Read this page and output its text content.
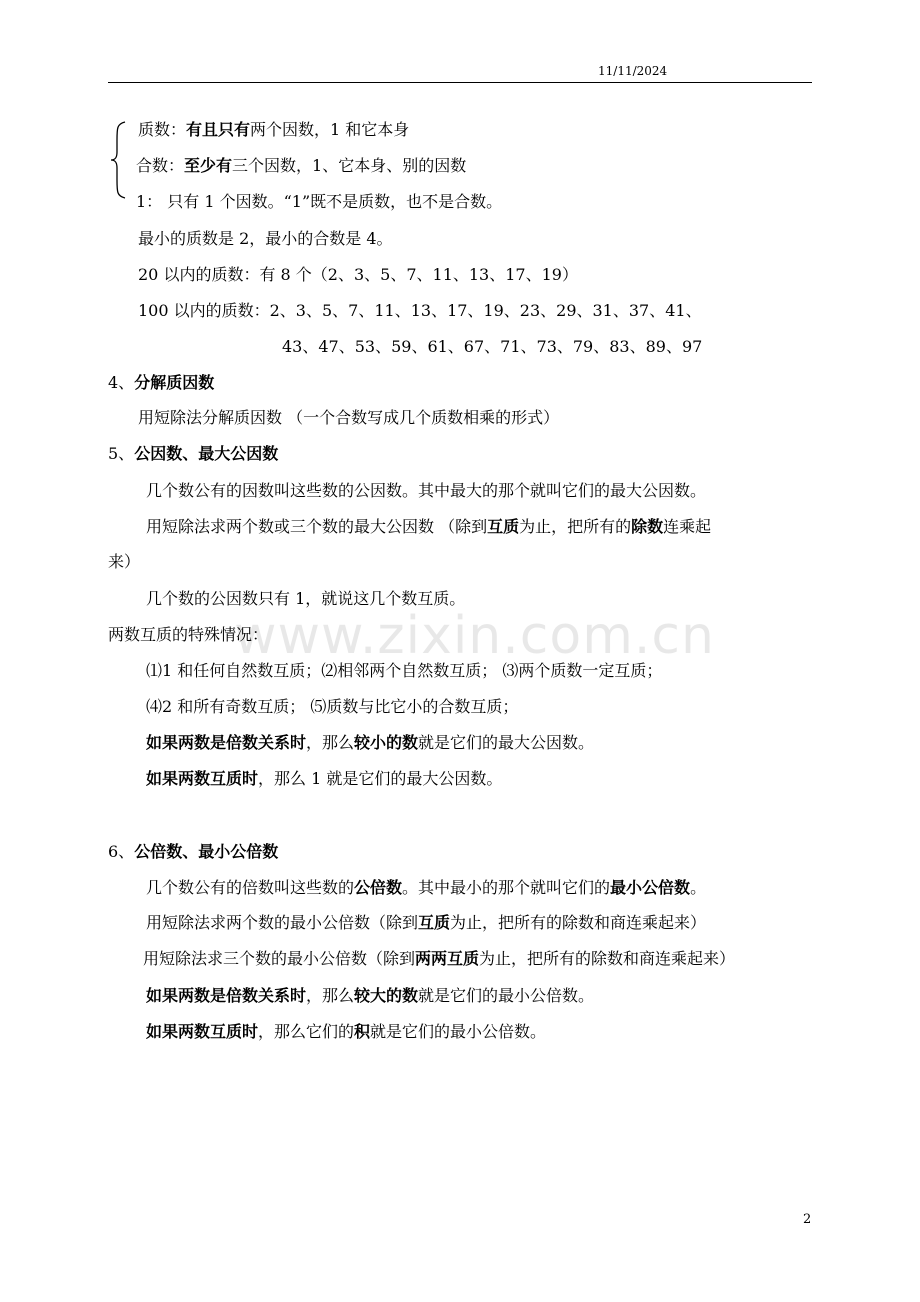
11/11/2024
质数：有且只有两个因数，1 和它本身
合数：至少有三个因数，1、它本身、别的因数
1： 只有 1 个因数。“1”既不是质数，也不是合数。
最小的质数是 2，最小的合数是 4。
20 以内的质数：有 8 个（2、3、5、7、11、13、17、19）
100 以内的质数：2、3、5、7、11、13、17、19、23、29、31、37、41、
43、47、53、59、61、67、71、73、79、83、89、97
4、分解质因数
用短除法分解质因数 （一个合数写成几个质数相乘的形式）
5、公因数、最大公因数
几个数公有的因数叫这些数的公因数。其中最大的那个就叫它们的最大公因数。
用短除法求两个数或三个数的最大公因数 （除到互质为止，把所有的除数连乘起
来）
几个数的公因数只有 1，就说这几个数互质。
两数互质的特殊情况：
⑴1 和任何自然数互质；⑵相邻两个自然数互质； ⑶两个质数一定互质；
⑷2 和所有奇数互质； ⑸质数与比它小的合数互质；
如果两数是倍数关系时，那么较小的数就是它们的最大公因数。
如果两数互质时，那么 1 就是它们的最大公因数。
6、公倍数、最小公倍数
几个数公有的倍数叫这些数的公倍数。其中最小的那个就叫它们的最小公倍数。
用短除法求两个数的最小公倍数（除到互质为止，把所有的除数和商连乘起来）
用短除法求三个数的最小公倍数（除到两两互质为止，把所有的除数和商连乘起来）
如果两数是倍数关系时，那么较大的数就是它们的最小公倍数。
如果两数互质时，那么它们的积就是它们的最小公倍数。
www.zixin.com.cn
2
